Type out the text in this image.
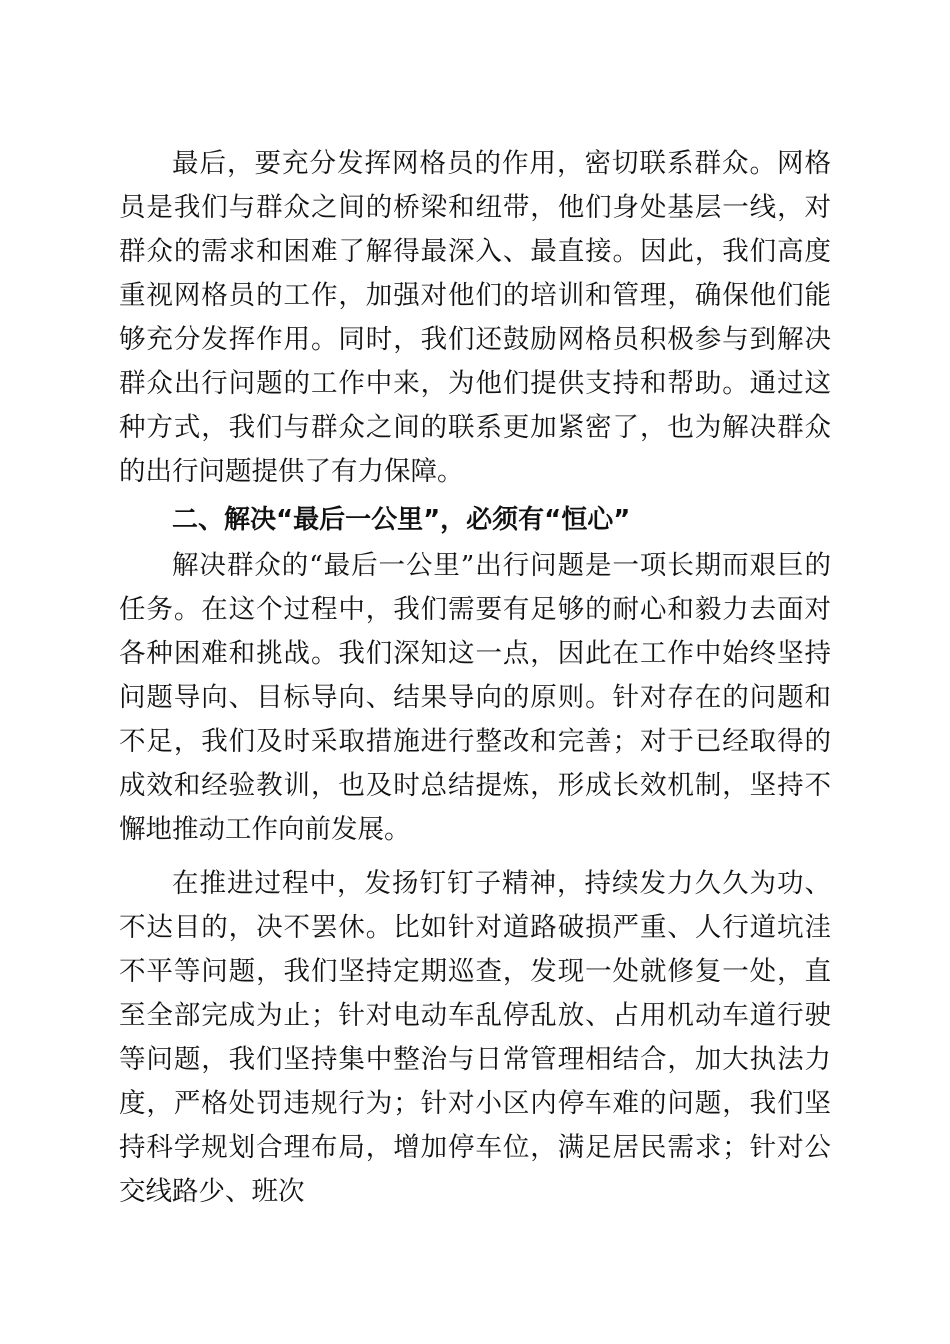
最后，要充分发挥网格员的作用，密切联系群众。网格员是我们与群众之间的桥梁和纽带，他们身处基层一线，对群众的需求和困难了解得最深入、最直接。因此，我们高度重视网格员的工作，加强对他们的培训和管理，确保他们能够充分发挥作用。同时，我们还鼓励网格员积极参与到解决群众出行问题的工作中来，为他们提供支持和帮助。通过这种方式，我们与群众之间的联系更加紧密了，也为解决群众的出行问题提供了有力保障。

二、解决“最后一公里”，必须有“恒心”

解决群众的“最后一公里”出行问题是一项长期而艰巨的任务。在这个过程中，我们需要有足够的耐心和毅力去面对各种困难和挑战。我们深知这一点，因此在工作中始终坚持问题导向、目标导向、结果导向的原则。针对存在的问题和不足，我们及时采取措施进行整改和完善；对于已经取得的成效和经验教训，也及时总结提炼，形成长效机制，坚持不懈地推动工作向前发展。

在推进过程中，发扬钉钉子精神，持续发力久久为功、不达目的，决不罢休。比如针对道路破损严重、人行道坑洼不平等问题，我们坚持定期巡查，发现一处就修复一处，直至全部完成为止；针对电动车乱停乱放、占用机动车道行驶等问题，我们坚持集中整治与日常管理相结合，加大执法力度，严格处罚违规行为；针对小区内停车难的问题，我们坚持科学规划合理布局，增加停车位，满足居民需求；针对公交线路少、班次
